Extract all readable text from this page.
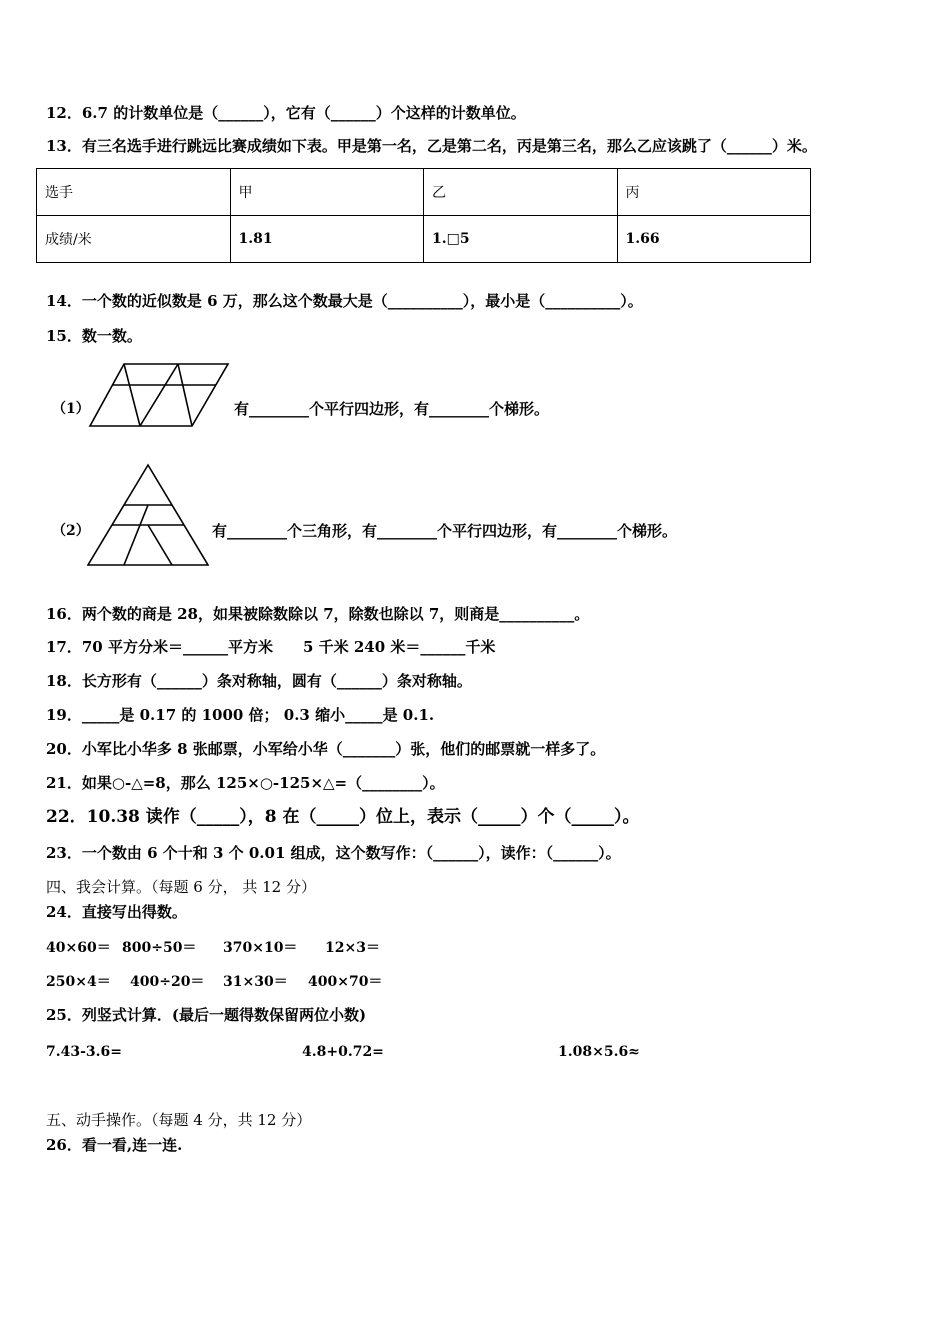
12．6.7 的计数单位是（______），它有（______）个这样的计数单位。
13．有三名选手进行跳远比赛成绩如下表。甲是第一名，乙是第二名，丙是第三名，那么乙应该跳了（______）米。
选手	甲	乙	丙
成绩/米	1.81	1.□5	1.66
14．一个数的近似数是 6 万，那么这个数最大是（__________），最小是（__________）。
15．数一数。
（1）	有________个平行四边形，有________个梯形。
（2）	有________个三角形，有________个平行四边形，有________个梯形。
16．两个数的商是 28，如果被除数除以 7，除数也除以 7，则商是__________。
17．70 平方分米＝______平方米　　5 千米 240 米＝______千米
18．长方形有（______）条对称轴，圆有（______）条对称轴。
19．_____是 0.17 的 1000 倍； 0.3 缩小_____是 0.1.
20．小军比小华多 8 张邮票，小军给小华（_______）张，他们的邮票就一样多了。
21．如果○-△=8，那么 125×○-125×△=（________）。
22．10.38 读作（_____），8 在（_____）位上，表示（_____）个（_____）。
23．一个数由 6 个十和 3 个 0.01 组成，这个数写作：（______），读作：（______）。
四、我会计算。（每题 6 分， 共 12 分）
24．直接写出得数。
40×60＝ 800÷50＝ 370×10＝ 12×3＝
250×4＝ 400÷20＝ 31×30＝ 400×70＝
25．列竖式计算．(最后一题得数保留两位小数)
7.43-3.6=	4.8+0.72=	1.08×5.6≈
五、动手操作。（每题 4 分，共 12 分）
26．看一看,连一连.
